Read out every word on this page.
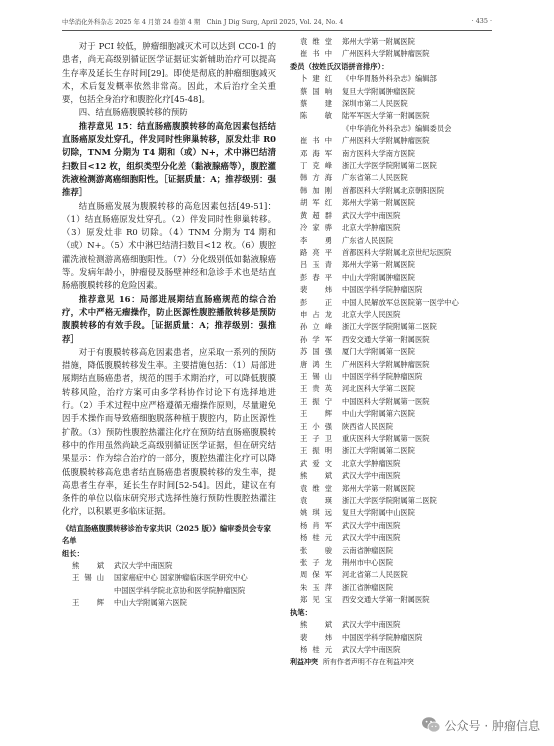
中华消化外科杂志 2025 年 4 月第 24 卷第 4 期　Chin J Dig Surg, April 2025, Vol. 24, No. 4	· 435 ·

对于 PCI 较低，肿瘤细胞减灭术可以达到 CC0-1 的患者，尚无高级别循证医学证据证实新辅助治疗可以提高生存率及延长生存时间[29]。即使是彻底的肿瘤细胞减灭术，术后复发概率依然非常高。因此，术后治疗全关重要，包括全身治疗和腹腔化疗[45-48]。

四、结直肠癌腹膜转移的预防

推荐意见 15：结直肠癌腹膜转移的高危因素包括结直肠癌原发灶穿孔，伴发同时性卵巢转移，原发灶非 R0 切除，TNM 分期为 T4 期和（或）N+，术中淋巴结清扫数目<12 枚，组织类型分化差（黏液腺癌等），腹腔灌洗液检测游离癌细胞阳性。［证据质量：A；推荐级别：强推荐］

结直肠癌发展为腹膜转移的高危因素包括[49-51]：（1）结直肠癌原发灶穿孔。（2）伴发同时性卵巢转移。（3）原发灶非 R0 切除。（4）TNM 分期为 T4 期和（或）N+。（5）术中淋巴结清扫数目<12 枚。（6）腹腔灌洗液检测游离癌细胞阳性。（7）分化级别低如黏液腺癌等。发病年龄小，肿瘤侵及肠壁神经和急诊手术也是结直肠癌腹膜转移的危险因素。

推荐意见 16：局部进展期结直肠癌规范的综合治疗，术中严格无瘤操作，防止医源性腹腔播散转移是预防腹膜转移的有效手段。［证据质量：A；推荐级别：强推荐］

对于有腹膜转移高危因素患者，应采取一系列的预防措施，降低腹膜转移发生率。主要措施包括：（1）局部进展期结直肠癌患者，规范的围手术期治疗，可以降低腹膜转移风险，治疗方案可由多学科协作讨论下有选择地进行。（2）手术过程中应严格遵循无瘤操作原则，尽量避免因手术操作而导致癌细胞脱落种植于腹腔内，防止医源性扩散。（3）预防性腹腔热灌注化疗在预防结直肠癌腹膜转移中的作用虽然尚缺乏高级别循证医学证据，但在研究结果显示：作为综合治疗的一部分，腹腔热灌注化疗可以降低腹膜转移高危患者结直肠癌患者腹膜转移的发生率，提高患者生存率，延长生存时间[52-54]。因此，建议在有条件的单位以临床研究形式选择性施行预防性腹腔热灌注化疗，以积累更多临床证据。

《结直肠癌腹膜转移诊治专家共识（2025 版）》编审委员会专家名单
组长：
熊斌 武汉大学中南医院
王锡山 国家癌症中心 国家肿瘤临床医学研究中心
中国医学科学院北京协和医学院肿瘤医院
王辉 中山大学附属第六医院
袁维堂 郑州大学第一附属医院
崔书中 广州医科大学附属肿瘤医院
委员（按姓氏汉语拼音排序）：
卜建红 《中华胃肠外科杂志》编辑部
蔡国响 复旦大学附属肿瘤医院
蔡建 深圳市第二人民医院
陈敏 陆军军医大学第一附属医院
《中华消化外科杂志》编辑委员会
崔书中 广州医科大学附属肿瘤医院
邓海军 南方医科大学南方医院
丁克峰 浙江大学医学院附属第二医院
韩方海 广东省第二人民医院
韩加刚 首都医科大学附属北京朝阳医院
胡军红 郑州大学第一附属医院
黄超群 武汉大学中南医院
冷家骅 北京大学肿瘤医院
李勇 广东省人民医院
路亮平 首都医科大学附属北京世纪坛医院
吕玉青 郑州大学第一附属医院
彭春平 中山大学附属肿瘤医院
裴炜 中国医学科学院肿瘤医院
彭正 中国人民解放军总医院第一医学中心
申占龙 北京大学人民医院
孙立峰 浙江大学医学院附属第二医院
孙学军 西安交通大学第一附属医院
苏国强 厦门大学附属第一医院
唐鸿生 广州医科大学附属肿瘤医院
王锡山 中国医学科学院肿瘤医院
王贵英 河北医科大学第二医院
王振宁 中国医科大学附属第一医院
王辉 中山大学附属第六医院
王小强 陕西省人民医院
王子卫 重庆医科大学附属第一医院
王振明 浙江大学附属第二医院
武爱文 北京大学肿瘤医院
熊斌 武汉大学中南医院
袁维堂 郑州大学第一附属医院
袁瑛 浙江大学医学院附属第二医院
姚琪远 复旦大学附属中山医院
杨肖军 武汉大学中南医院
杨桂元 武汉大学中南医院
张骏 云南省肿瘤医院
张子龙 荆州市中心医院
周保军 河北省第二人民医院
朱玉萍 浙江省肿瘤医院
郑见宝 西安交通大学第一附属医院
执笔：
熊斌 武汉大学中南医院
裴炜 中国医学科学院肿瘤医院
杨桂元 武汉大学中南医院
利益冲突 所有作者声明不存在利益冲突
公众号 · 肿瘤信息
